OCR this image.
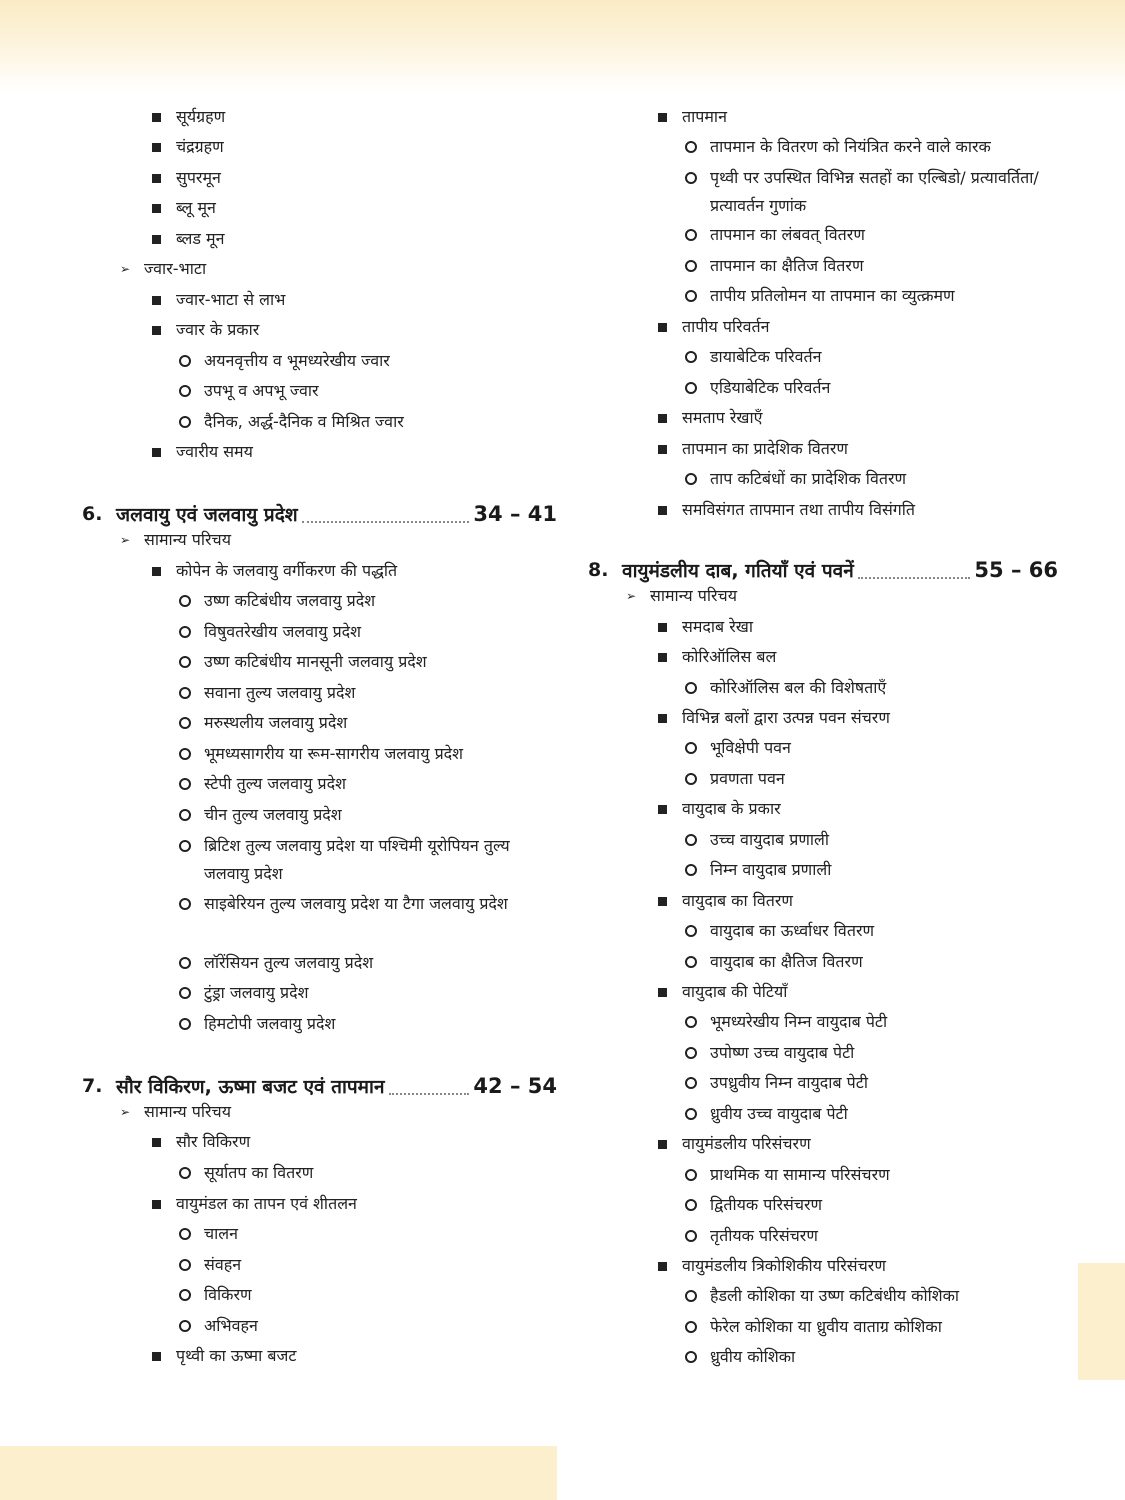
सूर्यग्रहण
चंद्रग्रहण
सुपरमून
ब्लू मून
ब्लड मून
➢ ज्वार-भाटा
ज्वार-भाटा से लाभ
ज्वार के प्रकार
अयनवृत्तीय व भूमध्यरेखीय ज्वार
उपभू व अपभू ज्वार
दैनिक, अर्द्ध-दैनिक व मिश्रित ज्वार
ज्वारीय समय
6. जलवायु एवं जलवायु प्रदेश	34 – 41
➢ सामान्य परिचय
कोपेन के जलवायु वर्गीकरण की पद्धति
उष्ण कटिबंधीय जलवायु प्रदेश
विषुवतरेखीय जलवायु प्रदेश
उष्ण कटिबंधीय मानसूनी जलवायु प्रदेश
सवाना तुल्य जलवायु प्रदेश
मरुस्थलीय जलवायु प्रदेश
भूमध्यसागरीय या रूम-सागरीय जलवायु प्रदेश
स्टेपी तुल्य जलवायु प्रदेश
चीन तुल्य जलवायु प्रदेश
ब्रिटिश तुल्य जलवायु प्रदेश या पश्चिमी यूरोपियन तुल्य जलवायु प्रदेश
साइबेरियन तुल्य जलवायु प्रदेश या टैगा जलवायु प्रदेश
लॉरेंसियन तुल्य जलवायु प्रदेश
टुंड्रा जलवायु प्रदेश
हिमटोपी जलवायु प्रदेश
7. सौर विकिरण, ऊष्मा बजट एवं तापमान	42 – 54
➢ सामान्य परिचय
सौर विकिरण
सूर्यातप का वितरण
वायुमंडल का तापन एवं शीतलन
चालन
संवहन
विकिरण
अभिवहन
पृथ्वी का ऊष्मा बजट
तापमान
तापमान के वितरण को नियंत्रित करने वाले कारक
पृथ्वी पर उपस्थित विभिन्न सतहों का एल्बिडो/ प्रत्यावर्तिता/प्रत्यावर्तन गुणांक
तापमान का लंबवत् वितरण
तापमान का क्षैतिज वितरण
तापीय प्रतिलोमन या तापमान का व्युत्क्रमण
तापीय परिवर्तन
डायाबेटिक परिवर्तन
एडियाबेटिक परिवर्तन
समताप रेखाएँ
तापमान का प्रादेशिक वितरण
ताप कटिबंधों का प्रादेशिक वितरण
समविसंगत तापमान तथा तापीय विसंगति
8. वायुमंडलीय दाब, गतियाँ एवं पवनें	55 – 66
➢ सामान्य परिचय
समदाब रेखा
कोरिऑलिस बल
कोरिऑलिस बल की विशेषताएँ
विभिन्न बलों द्वारा उत्पन्न पवन संचरण
भूविक्षेपी पवन
प्रवणता पवन
वायुदाब के प्रकार
उच्च वायुदाब प्रणाली
निम्न वायुदाब प्रणाली
वायुदाब का वितरण
वायुदाब का ऊर्ध्वाधर वितरण
वायुदाब का क्षैतिज वितरण
वायुदाब की पेटियाँ
भूमध्यरेखीय निम्न वायुदाब पेटी
उपोष्ण उच्च वायुदाब पेटी
उपध्रुवीय निम्न वायुदाब पेटी
ध्रुवीय उच्च वायुदाब पेटी
वायुमंडलीय परिसंचरण
प्राथमिक या सामान्य परिसंचरण
द्वितीयक परिसंचरण
तृतीयक परिसंचरण
वायुमंडलीय त्रिकोशिकीय परिसंचरण
हैडली कोशिका या उष्ण कटिबंधीय कोशिका
फेरेल कोशिका या ध्रुवीय वाताग्र कोशिका
ध्रुवीय कोशिका
